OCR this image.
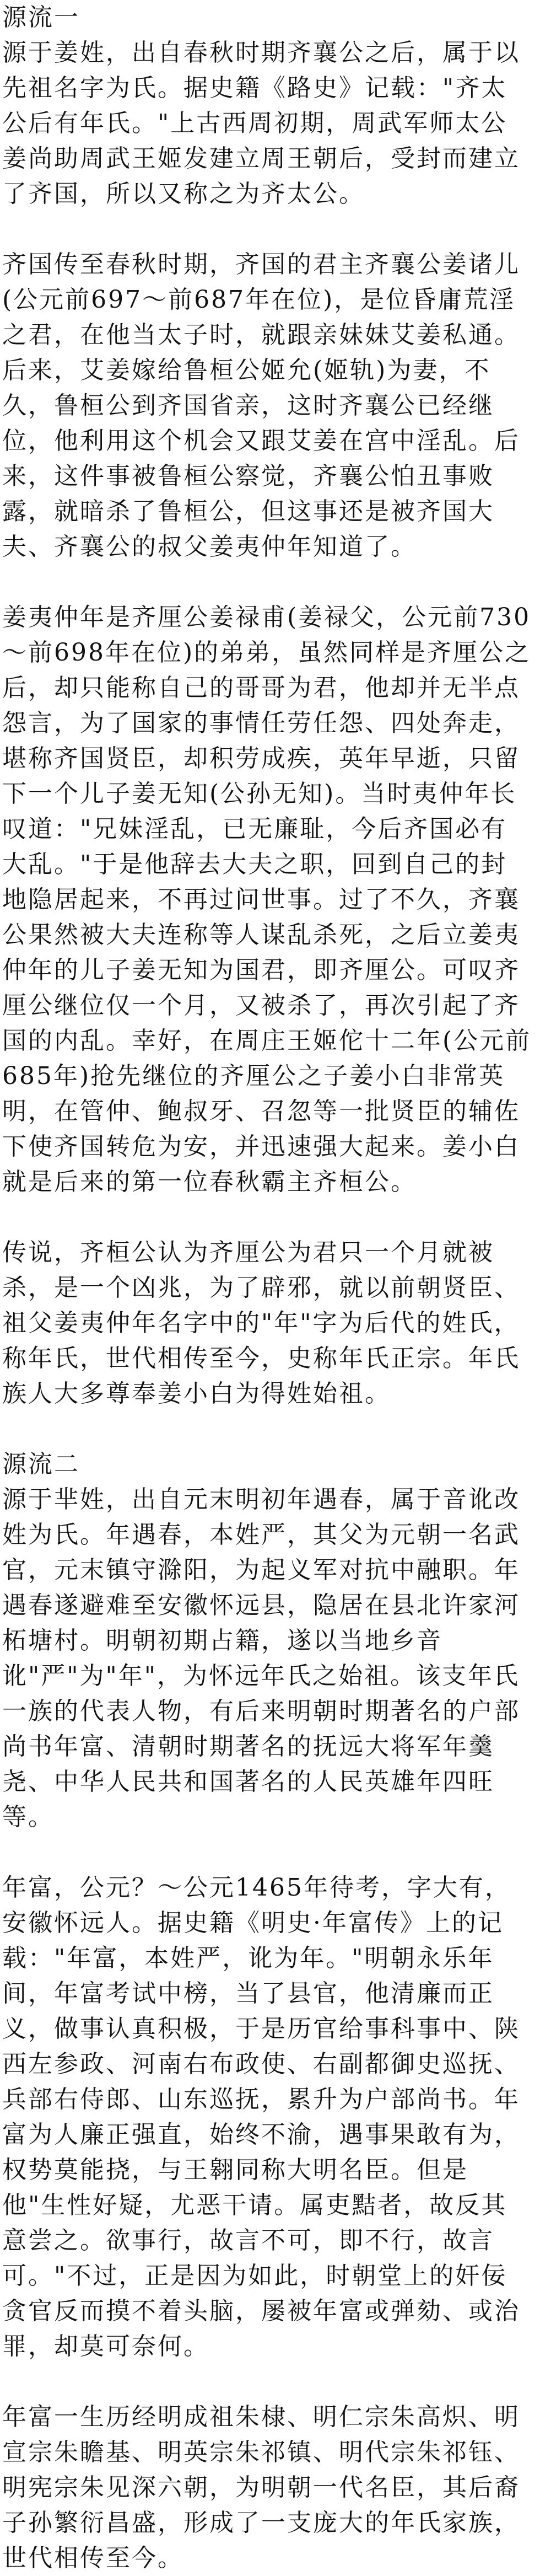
源流一

源于姜姓，出自春秋时期齐襄公之后，属于以先祖名字为氏。据史籍《路史》记载："齐太公后有年氏。"上古西周初期，周武军师太公姜尚助周武王姬发建立周王朝后，受封而建立了齐国，所以又称之为齐太公。

齐国传至春秋时期，齐国的君主齐襄公姜诸儿(公元前697～前687年在位)，是位昏庸荒淫之君，在他当太子时，就跟亲妹妹艾姜私通。后来，艾姜嫁给鲁桓公姬允(姬轨)为妻，不久，鲁桓公到齐国省亲，这时齐襄公已经继位，他利用这个机会又跟艾姜在宫中淫乱。后来，这件事被鲁桓公察觉，齐襄公怕丑事败露，就暗杀了鲁桓公，但这事还是被齐国大夫、齐襄公的叔父姜夷仲年知道了。

姜夷仲年是齐厘公姜禄甫(姜禄父，公元前730～前698年在位)的弟弟，虽然同样是齐厘公之后，却只能称自己的哥哥为君，他却并无半点怨言，为了国家的事情任劳任怨、四处奔走，堪称齐国贤臣，却积劳成疾，英年早逝，只留下一个儿子姜无知(公孙无知)。当时夷仲年长叹道："兄妹淫乱，已无廉耻，今后齐国必有大乱。"于是他辞去大夫之职，回到自己的封地隐居起来，不再过问世事。过了不久，齐襄公果然被大夫连称等人谋乱杀死，之后立姜夷仲年的儿子姜无知为国君，即齐厘公。可叹齐厘公继位仅一个月，又被杀了，再次引起了齐国的内乱。幸好，在周庄王姬佗十二年(公元前685年)抢先继位的齐厘公之子姜小白非常英明，在管仲、鲍叔牙、召忽等一批贤臣的辅佐下使齐国转危为安，并迅速强大起来。姜小白就是后来的第一位春秋霸主齐桓公。

传说，齐桓公认为齐厘公为君只一个月就被杀，是一个凶兆，为了辟邪，就以前朝贤臣、祖父姜夷仲年名字中的"年"字为后代的姓氏，称年氏，世代相传至今，史称年氏正宗。年氏族人大多尊奉姜小白为得姓始祖。

源流二

源于芈姓，出自元末明初年遇春，属于音讹改姓为氏。年遇春，本姓严，其父为元朝一名武官，元末镇守滁阳，为起义军对抗中融职。年遇春遂避难至安徽怀远县，隐居在县北许家河柘塘村。明朝初期占籍，遂以当地乡音讹"严"为"年"，为怀远年氏之始祖。该支年氏一族的代表人物，有后来明朝时期著名的户部尚书年富、清朝时期著名的抚远大将军年羹尧、中华人民共和国著名的人民英雄年四旺等。

年富，公元？～公元1465年待考，字大有，安徽怀远人。据史籍《明史·年富传》上的记载："年富，本姓严，讹为年。"明朝永乐年间，年富考试中榜，当了县官，他清廉而正义，做事认真积极，于是历官给事科事中、陕西左参政、河南右布政使、右副都御史巡抚、兵部右侍郎、山东巡抚，累升为户部尚书。年富为人廉正强直，始终不渝，遇事果敢有为，权势莫能挠，与王翱同称大明名臣。但是他"生性好疑，尤恶干请。属吏黠者，故反其意尝之。欲事行，故言不可，即不行，故言可。"不过，正是因为如此，时朝堂上的奸佞贪官反而摸不着头脑，屡被年富或弹劾、或治罪，却莫可奈何。

年富一生历经明成祖朱棣、明仁宗朱高炽、明宣宗朱瞻基、明英宗朱祁镇、明代宗朱祁钰、明宪宗朱见深六朝，为明朝一代名臣，其后裔子孙繁衍昌盛，形成了一支庞大的年氏家族，世代相传至今。
